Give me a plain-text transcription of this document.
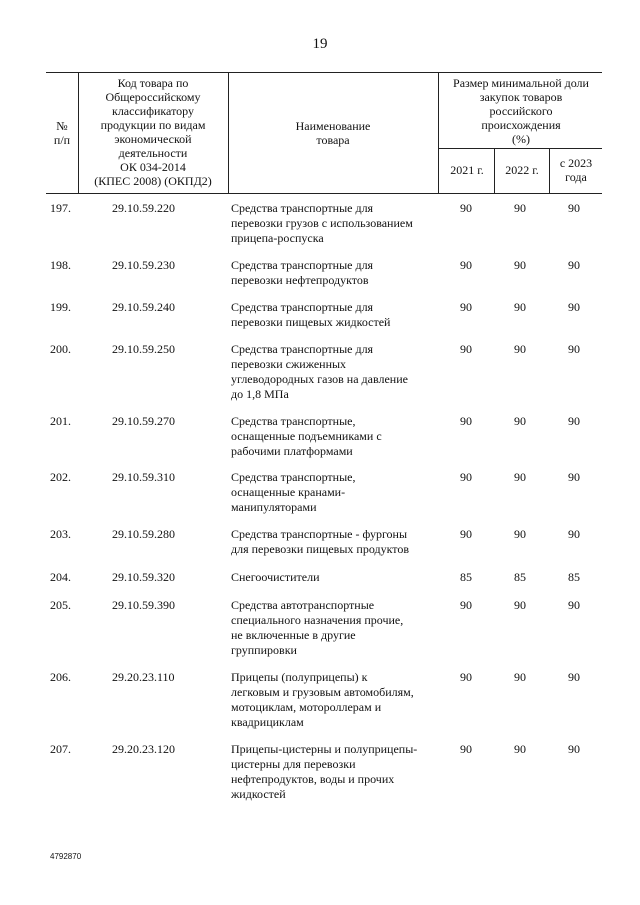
19
№
п/п
Код товара по
Общероссийскому
классификатору
продукции по видам
экономической
деятельности
ОК 034-2014
(КПЕС 2008) (ОКПД2)
Наименование
товара
Размер минимальной доли
закупок товаров
российского
происхождения
(%)
2021 г.	2022 г.	с 2023
года
197.	29.10.59.220	Средства транспортные для
перевозки грузов с использованием
прицепа-роспуска
90	90	90
198.	29.10.59.230	Средства транспортные для
перевозки нефтепродуктов
90	90	90
199.	29.10.59.240	Средства транспортные для
перевозки пищевых жидкостей
90	90	90
200.	29.10.59.250	Средства транспортные для
перевозки сжиженных
углеводородных газов на давление
до 1,8 МПа
90	90	90
201.	29.10.59.270	Средства транспортные,
оснащенные подъемниками с
рабочими платформами
90	90	90
202.	29.10.59.310	Средства транспортные,
оснащенные кранами-
манипуляторами
90	90	90
203.	29.10.59.280	Средства транспортные - фургоны
для перевозки пищевых продуктов
90	90	90
204.	29.10.59.320	Снегоочистители	85	85	85
205.	29.10.59.390	Средства автотранспортные
специального назначения прочие,
не включенные в другие
группировки
90	90	90
206.	29.20.23.110	Прицепы (полуприцепы) к
легковым и грузовым автомобилям,
мотоциклам, мотороллерам и
квадрициклам
90	90	90
207.	29.20.23.120	Прицепы-цистерны и полуприцепы-
цистерны для перевозки
нефтепродуктов, воды и прочих
жидкостей
90	90	90
4792870
